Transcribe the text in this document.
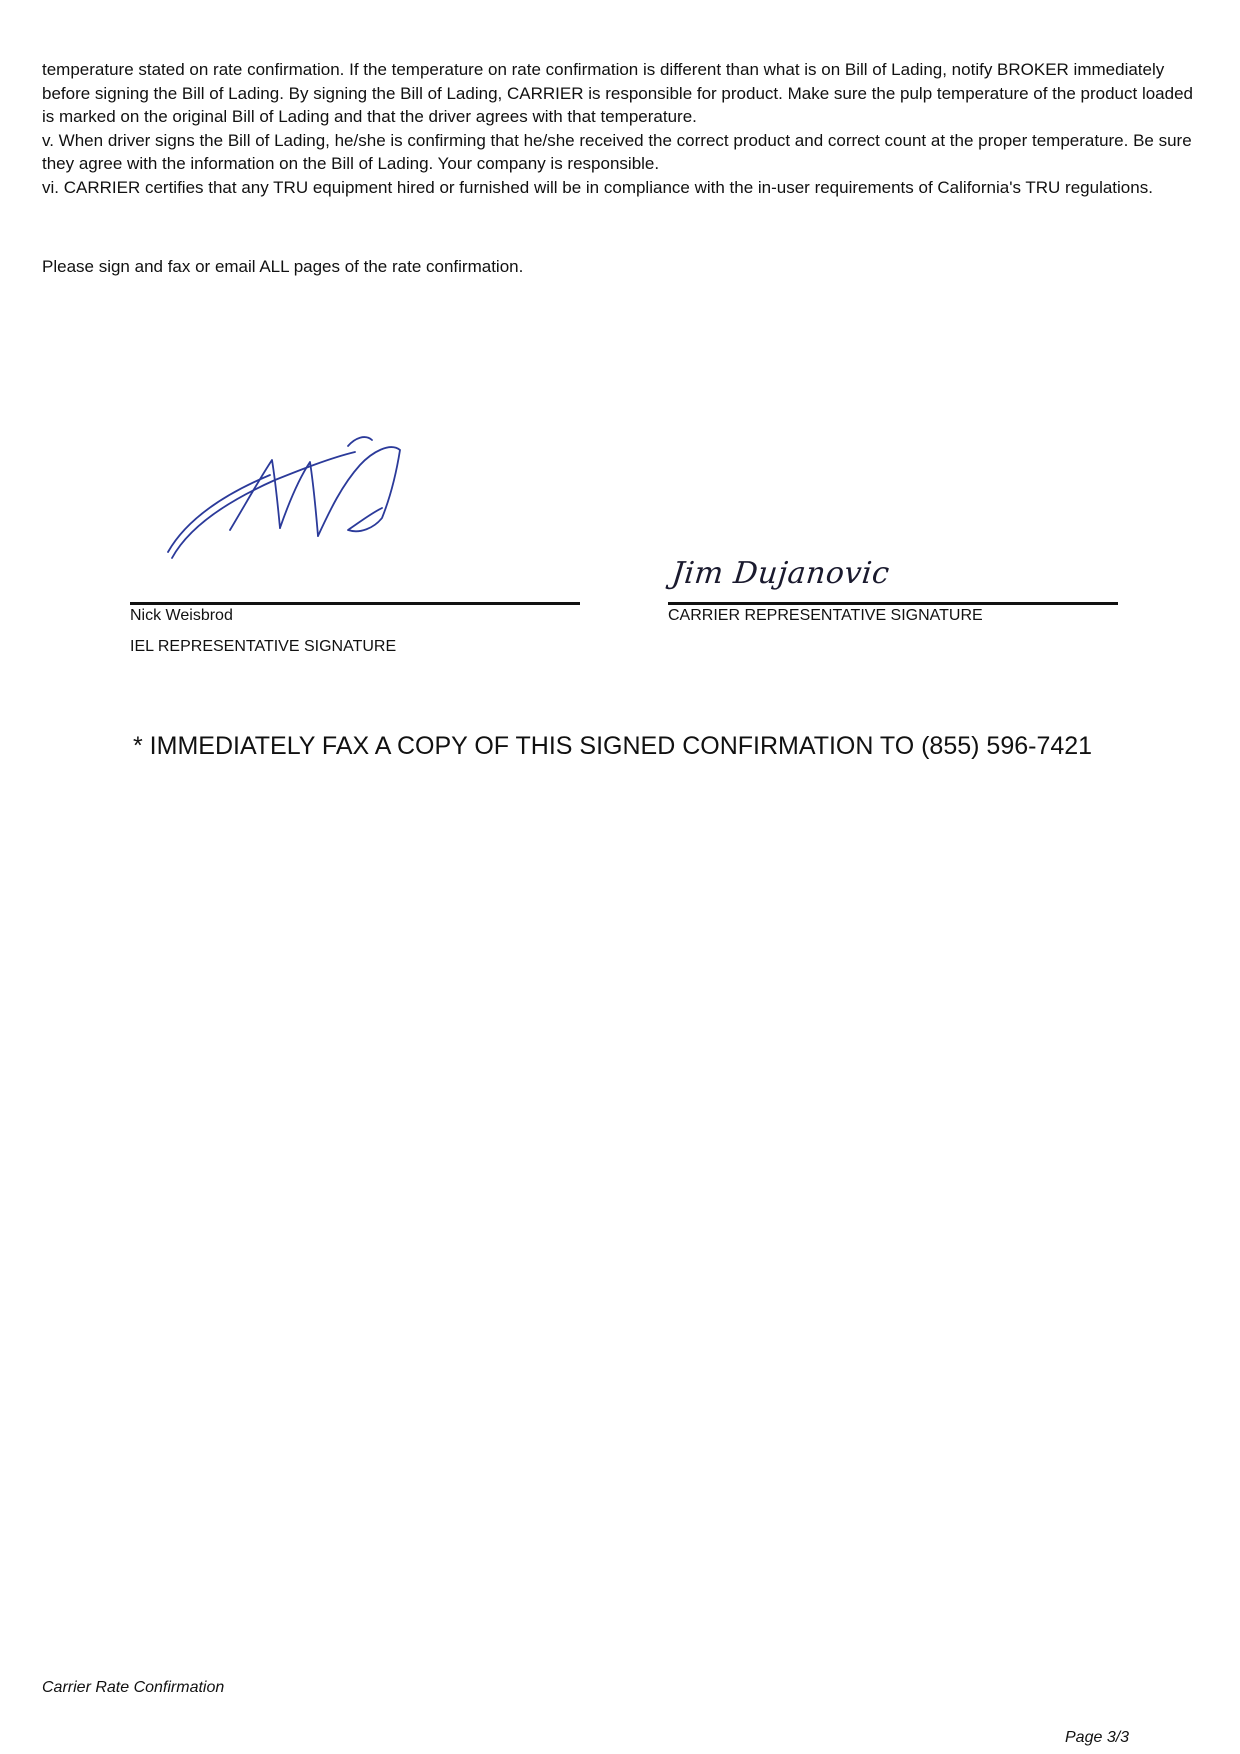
temperature stated on rate confirmation. If the temperature on rate confirmation is different than what is on Bill of Lading, notify BROKER immediately before signing the Bill of Lading. By signing the Bill of Lading, CARRIER is responsible for product. Make sure the pulp temperature of the product loaded is marked on the original Bill of Lading and that the driver agrees with that temperature.

v. When driver signs the Bill of Lading, he/she is confirming that he/she received the correct product and correct count at the proper temperature. Be sure they agree with the information on the Bill of Lading. Your company is responsible.

vi. CARRIER certifies that any TRU equipment hired or furnished will be in compliance with the in-user requirements of California's TRU regulations.

Please sign and fax or email ALL pages of the rate confirmation.
Jim Dujanovic
Nick Weisbrod
IEL REPRESENTATIVE SIGNATURE
CARRIER REPRESENTATIVE SIGNATURE
* IMMEDIATELY FAX A COPY OF THIS SIGNED CONFIRMATION TO (855) 596-7421
Carrier Rate Confirmation
Page 3/3
